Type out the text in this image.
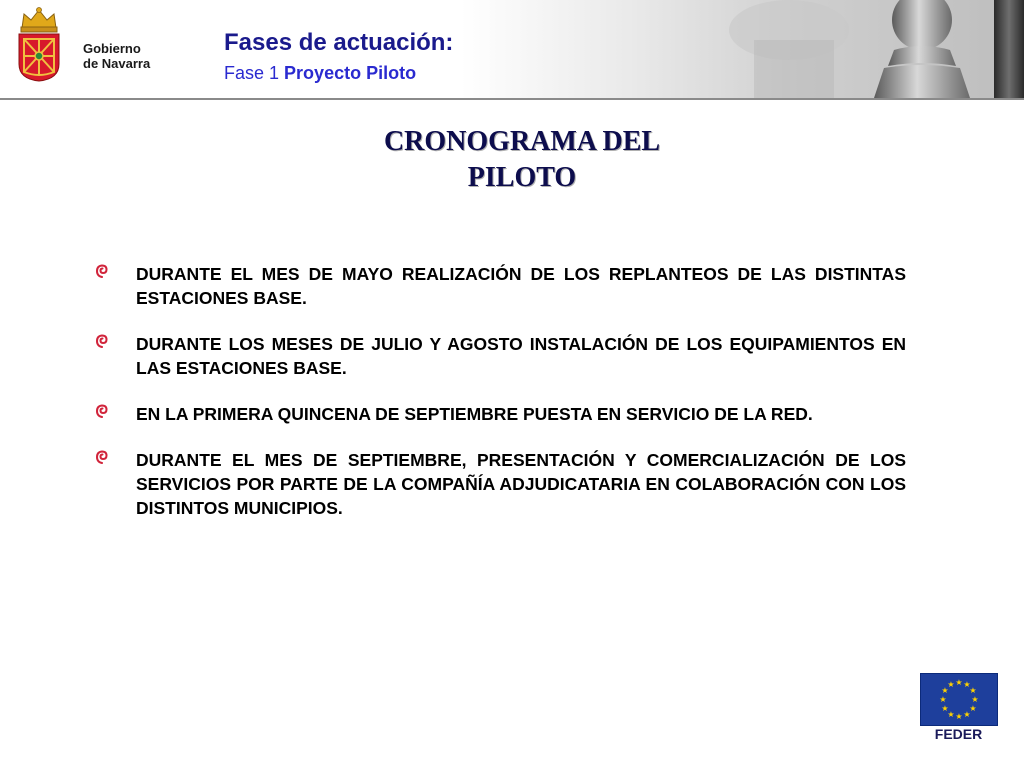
Gobierno
de Navarra
Fases de actuación:
Fase 1 Proyecto Piloto
CRONOGRAMA DEL
PILOTO
DURANTE EL MES DE MAYO REALIZACIÓN DE LOS REPLANTEOS DE LAS DISTINTAS ESTACIONES BASE.
DURANTE LOS MESES DE JULIO Y AGOSTO INSTALACIÓN DE LOS EQUIPAMIENTOS EN LAS ESTACIONES BASE.
EN LA PRIMERA QUINCENA DE SEPTIEMBRE PUESTA EN SERVICIO DE LA RED.
DURANTE EL MES DE SEPTIEMBRE, PRESENTACIÓN Y COMERCIALIZACIÓN DE LOS SERVICIOS POR PARTE DE LA COMPAÑÍA ADJUDICATARIA EN COLABORACIÓN CON LOS DISTINTOS MUNICIPIOS.
★ ★
★
★
★
★
★
★
★
★
★
★
FEDER
